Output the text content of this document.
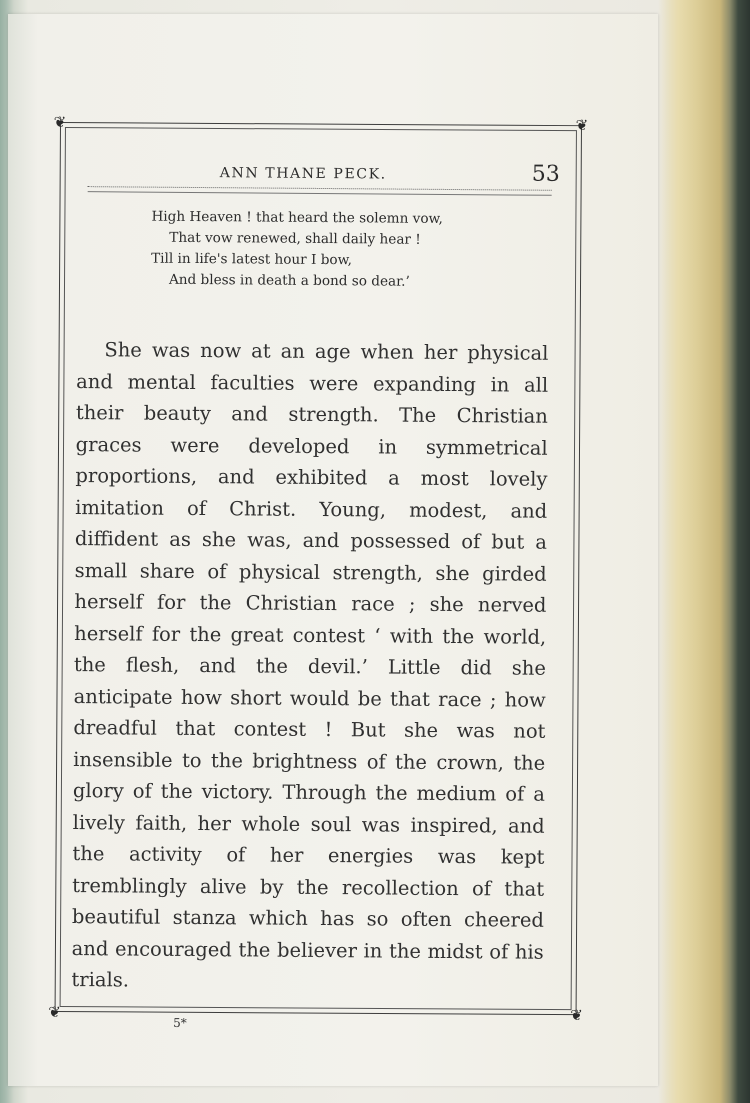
❦	❦
❦	❦
ANN THANE PECK.	53
High Heaven ! that heard the solemn vow,
That vow renewed, shall daily hear !
Till in life's latest hour I bow,
And bless in death a bond so dear.’

She was now at an age when her physical and mental faculties were expanding in all their beauty and strength. The Christian graces were developed in symmetrical proportions, and exhibited a most lovely imitation of Christ. Young, modest, and diffident as she was, and possessed of but a small share of physical strength, she girded herself for the Christian race ; she nerved herself for the great contest ‘ with the world, the flesh, and the devil.’ Little did she anticipate how short would be that race ; how dreadful that contest ! But she was not insensible to the brightness of the crown, the glory of the victory. Through the medium of a lively faith, her whole soul was inspired, and the activity of her energies was kept tremblingly alive by the recollection of that beautiful stanza which has so often cheered and encouraged the believer in the midst of his trials.

5*
